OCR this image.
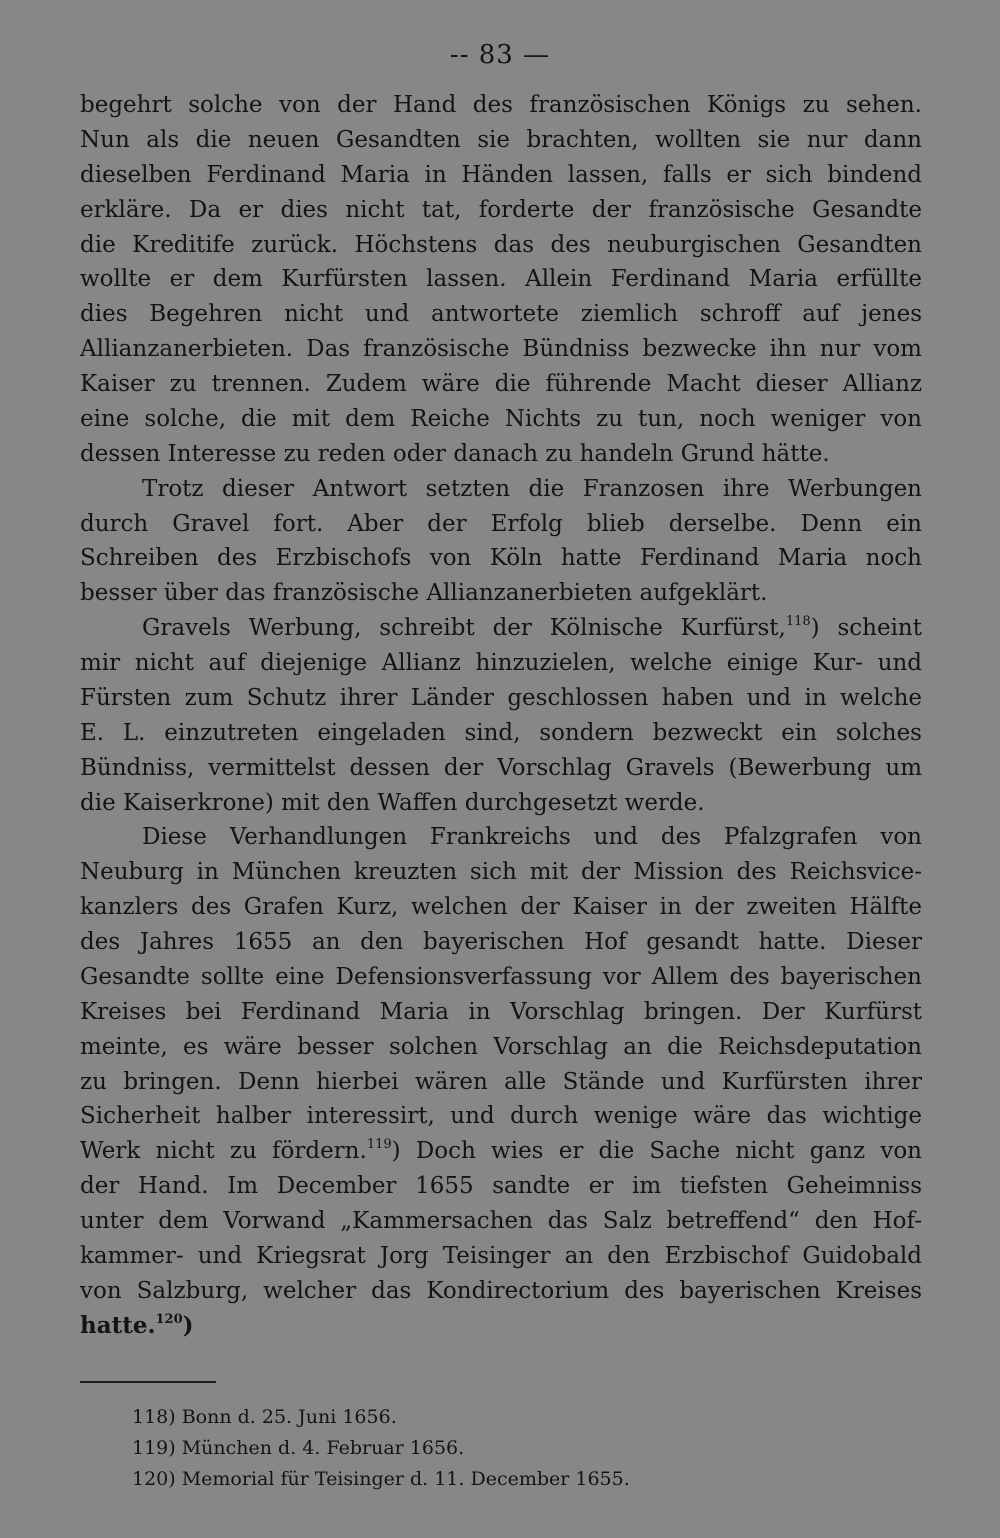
-- 83 —
begehrt solche von der Hand des französischen Königs zu sehen.
Nun als die neuen Gesandten sie brachten, wollten sie nur dann
dieselben Ferdinand Maria in Händen lassen, falls er sich bindend
erkläre. Da er dies nicht tat, forderte der französische Gesandte
die Kreditife zurück. Höchstens das des neuburgischen Gesandten
wollte er dem Kurfürsten lassen. Allein Ferdinand Maria erfüllte
dies Begehren nicht und antwortete ziemlich schroff auf jenes
Allianzanerbieten. Das französische Bündniss bezwecke ihn nur vom
Kaiser zu trennen. Zudem wäre die führende Macht dieser Allianz
eine solche, die mit dem Reiche Nichts zu tun, noch weniger von
dessen Interesse zu reden oder danach zu handeln Grund hätte.
Trotz dieser Antwort setzten die Franzosen ihre Werbungen
durch Gravel fort. Aber der Erfolg blieb derselbe. Denn ein
Schreiben des Erzbischofs von Köln hatte Ferdinand Maria noch
besser über das französische Allianzanerbieten aufgeklärt.
Gravels Werbung, schreibt der Kölnische Kurfürst,$^{118}$) scheint
mir nicht auf diejenige Allianz hinzuzielen, welche einige Kur- und
Fürsten zum Schutz ihrer Länder geschlossen haben und in welche
E. L. einzutreten eingeladen sind, sondern bezweckt ein solches
Bündniss, vermittelst dessen der Vorschlag Gravels (Bewerbung um
die Kaiserkrone) mit den Waffen durchgesetzt werde.
Diese Verhandlungen Frankreichs und des Pfalzgrafen von
Neuburg in München kreuzten sich mit der Mission des Reichsvice-
kanzlers des Grafen Kurz, welchen der Kaiser in der zweiten Hälfte
des Jahres 1655 an den bayerischen Hof gesandt hatte. Dieser
Gesandte sollte eine Defensionsverfassung vor Allem des bayerischen
Kreises bei Ferdinand Maria in Vorschlag bringen. Der Kurfürst
meinte, es wäre besser solchen Vorschlag an die Reichsdeputation
zu bringen. Denn hierbei wären alle Stände und Kurfürsten ihrer
Sicherheit halber interessirt, und durch wenige wäre das wichtige
Werk nicht zu fördern.$^{119}$) Doch wies er die Sache nicht ganz von
der Hand. Im December 1655 sandte er im tiefsten Geheimniss
unter dem Vorwand „Kammersachen das Salz betreffend“ den Hof-
kammer- und Kriegsrat Jorg Teisinger an den Erzbischof Guidobald
von Salzburg, welcher das Kondirectorium des bayerischen Kreises
hatte.$^{120}$)
118) Bonn d. 25. Juni 1656.
119) München d. 4. Februar 1656.
120) Memorial für Teisinger d. 11. December 1655.
